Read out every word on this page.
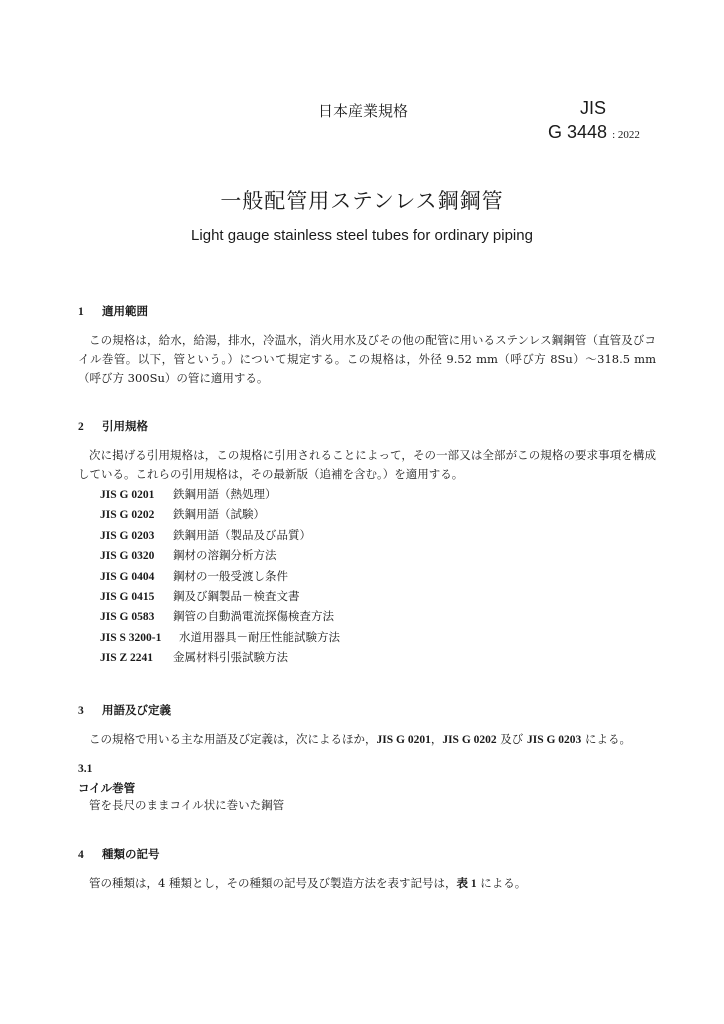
日本産業規格	JIS
G 3448 : 2022
一般配管用ステンレス鋼鋼管
Light gauge stainless steel tubes for ordinary piping
1 適用範囲
この規格は，給水，給湯，排水，冷温水，消火用水及びその他の配管に用いるステンレス鋼鋼管（直管及びコイル巻管。以下，管という。）について規定する。この規格は，外径 9.52 mm（呼び方 8Su）～318.5 mm（呼び方 300Su）の管に適用する。
2 引用規格
次に掲げる引用規格は，この規格に引用されることによって，その一部又は全部がこの規格の要求事項を構成している。これらの引用規格は，その最新版（追補を含む。）を適用する。
JIS G 0201 鉄鋼用語（熱処理）
JIS G 0202 鉄鋼用語（試験）
JIS G 0203 鉄鋼用語（製品及び品質）
JIS G 0320 鋼材の溶鋼分析方法
JIS G 0404 鋼材の一般受渡し条件
JIS G 0415 鋼及び鋼製品－検査文書
JIS G 0583 鋼管の自動渦電流探傷検査方法
JIS S 3200-1 水道用器具－耐圧性能試験方法
JIS Z 2241 金属材料引張試験方法
3 用語及び定義
この規格で用いる主な用語及び定義は，次によるほか，JIS G 0201，JIS G 0202 及び JIS G 0203 による。
3.1
コイル巻管
管を長尺のままコイル状に巻いた鋼管
4 種類の記号
管の種類は，4 種類とし，その種類の記号及び製造方法を表す記号は，表 1 による。
